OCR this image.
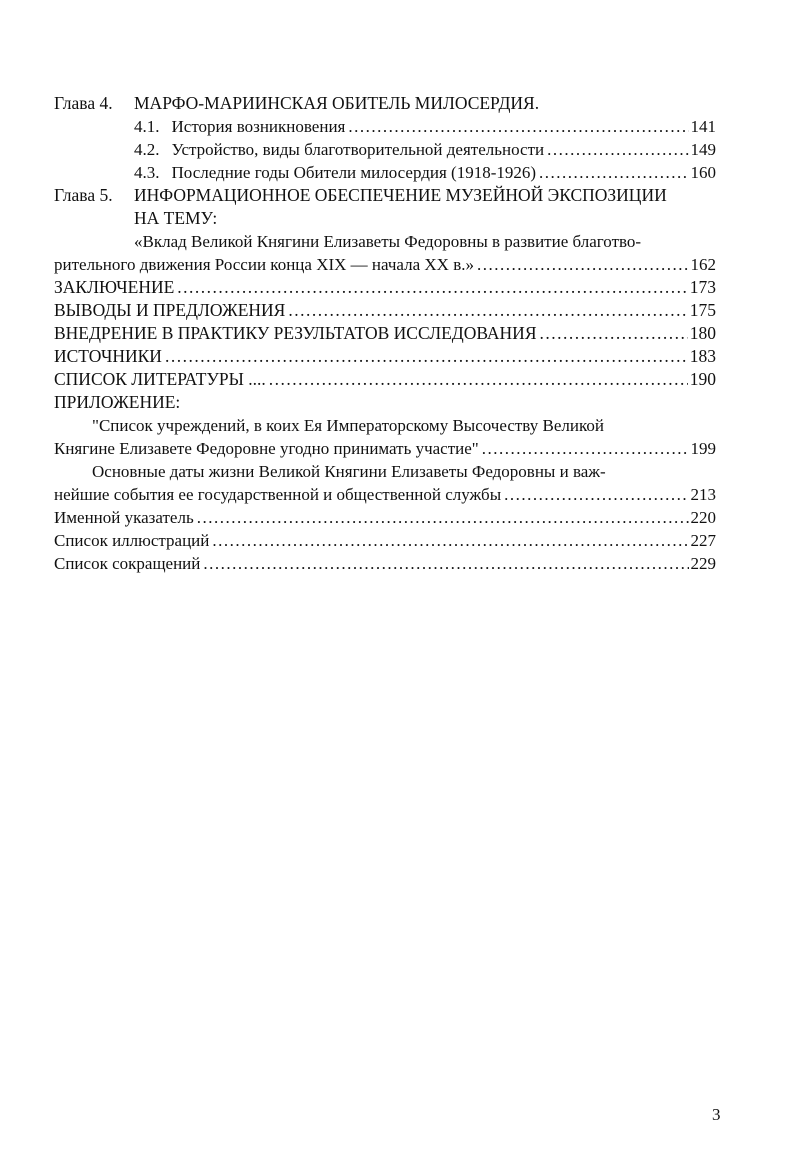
Глава 4.	МАРФО-МАРИИНСКАЯ ОБИТЕЛЬ МИЛОСЕРДИЯ.
4.1. История возникновения .....	141
4.2. Устройство, виды благотворительной деятельности .....	149
4.3. Последние годы Обители милосердия (1918-1926) .....	160
Глава 5.	ИНФОРМАЦИОННОЕ ОБЕСПЕЧЕНИЕ МУЗЕЙНОЙ ЭКСПОЗИЦИИ
НА ТЕМУ:
«Вклад Великой Княгини Елизаветы Федоровны в развитие благотво-
рительного движения России конца XIX — начала XX в.» .....	162
ЗАКЛЮЧЕНИЕ .....	173
ВЫВОДЫ И ПРЕДЛОЖЕНИЯ .....	175
ВНЕДРЕНИЕ В ПРАКТИКУ РЕЗУЛЬТАТОВ ИССЛЕДОВАНИЯ .....	180
ИСТОЧНИКИ .....	183
СПИСОК ЛИТЕРАТУРЫ .... .....	190
ПРИЛОЖЕНИЕ:
"Список учреждений, в коих Ея Императорскому Высочеству Великой
Княгине Елизавете Федоровне угодно принимать участие" .....	199
Основные даты жизни Великой Княгини Елизаветы Федоровны и важ-
нейшие события ее государственной и общественной службы .....	213
Именной указатель .....	220
Список иллюстраций .....	227
Список сокращений .....	229
3
